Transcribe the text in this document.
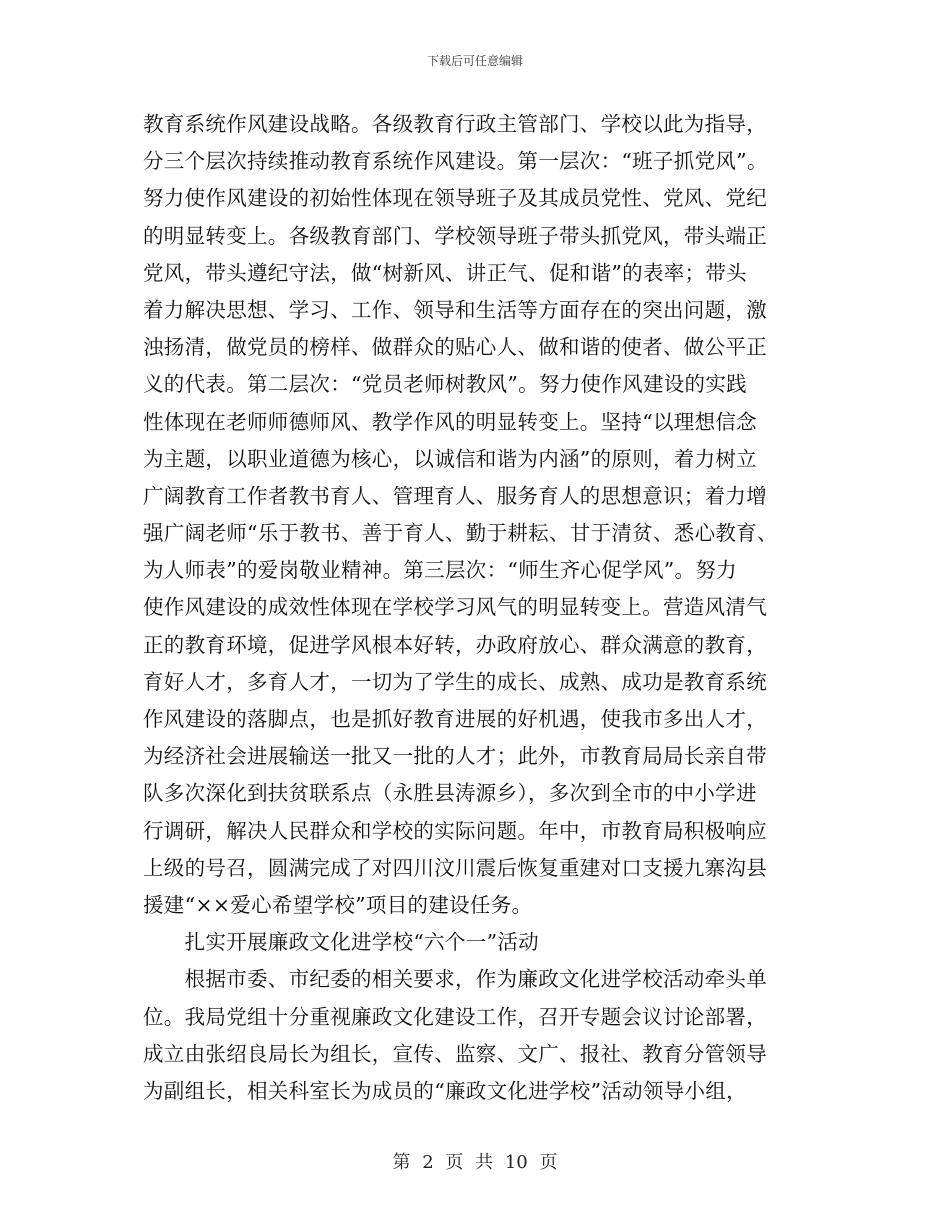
下载后可任意编辑
教育系统作风建设战略。各级教育行政主管部门、学校以此为指导，
分三个层次持续推动教育系统作风建设。第一层次：“班子抓党风”。
努力使作风建设的初始性体现在领导班子及其成员党性、党风、党纪
的明显转变上。各级教育部门、学校领导班子带头抓党风，带头端正
党风，带头遵纪守法，做“树新风、讲正气、促和谐”的表率；带头
着力解决思想、学习、工作、领导和生活等方面存在的突出问题，激
浊扬清，做党员的榜样、做群众的贴心人、做和谐的使者、做公平正
义的代表。第二层次：“党员老师树教风”。努力使作风建设的实践
性体现在老师师德师风、教学作风的明显转变上。坚持“以理想信念
为主题，以职业道德为核心，以诚信和谐为内涵”的原则，着力树立
广阔教育工作者教书育人、管理育人、服务育人的思想意识；着力增
强广阔老师“乐于教书、善于育人、勤于耕耘、甘于清贫、悉心教育、
为人师表”的爱岗敬业精神。第三层次：“师生齐心促学风”。努力
使作风建设的成效性体现在学校学习风气的明显转变上。营造风清气
正的教育环境，促进学风根本好转，办政府放心、群众满意的教育，
育好人才，多育人才，一切为了学生的成长、成熟、成功是教育系统
作风建设的落脚点，也是抓好教育进展的好机遇，使我市多出人才，
为经济社会进展输送一批又一批的人才；此外，市教育局局长亲自带
队多次深化到扶贫联系点（永胜县涛源乡），多次到全市的中小学进
行调研，解决人民群众和学校的实际问题。年中，市教育局积极响应
上级的号召，圆满完成了对四川汶川震后恢复重建对口支援九寨沟县
援建“××爱心希望学校”项目的建设任务。
　　扎实开展廉政文化进学校“六个一”活动
　　根据市委、市纪委的相关要求，作为廉政文化进学校活动牵头单
位。我局党组十分重视廉政文化建设工作，召开专题会议讨论部署，
成立由张绍良局长为组长，宣传、监察、文广、报社、教育分管领导
为副组长，相关科室长为成员的“廉政文化进学校”活动领导小组，
第 2 页 共 10 页
